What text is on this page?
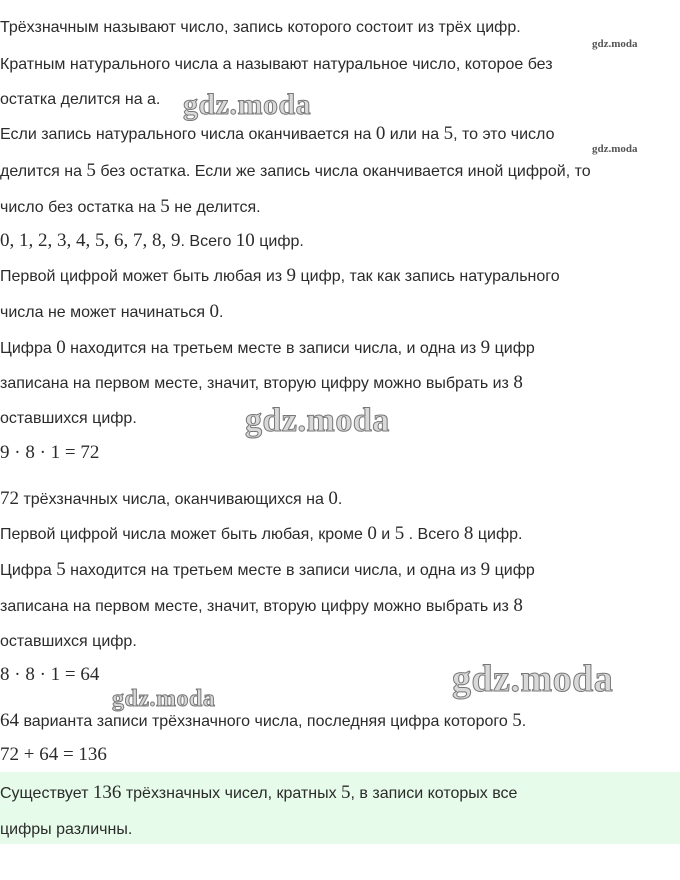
Трёхзначным называют число, запись которого состоит из трёх цифр.
Кратным натурального числа a называют натуральное число, которое без
остатка делится на a.
Если запись натурального числа оканчивается на 0 или на 5, то это число
делится на 5 без остатка. Если же запись числа оканчивается иной цифрой, то
число без остатка на 5 не делится.
0, 1, 2, 3, 4, 5, 6, 7, 8, 9. Всего 10 цифр.
Первой цифрой может быть любая из 9 цифр, так как запись натурального
числа не может начинаться 0.
Цифра 0 находится на третьем месте в записи числа, и одна из 9 цифр
записана на первом месте, значит, вторую цифру можно выбрать из 8
оставшихся цифр.
9 · 8 · 1 = 72
72 трёхзначных числа, оканчивающихся на 0.
Первой цифрой числа может быть любая, кроме 0 и 5 . Всего 8 цифр.
Цифра 5 находится на третьем месте в записи числа, и одна из 9 цифр
записана на первом месте, значит, вторую цифру можно выбрать из 8
оставшихся цифр.
8 · 8 · 1 = 64
64 варианта записи трёхзначного числа, последняя цифра которого 5.
72 + 64 = 136
Существует 136 трёхзначных чисел, кратных 5, в записи которых все
цифры различны.
gdz.moda
gdz.moda
gdz.moda
gdz.moda
gdz.moda
gdz.moda
